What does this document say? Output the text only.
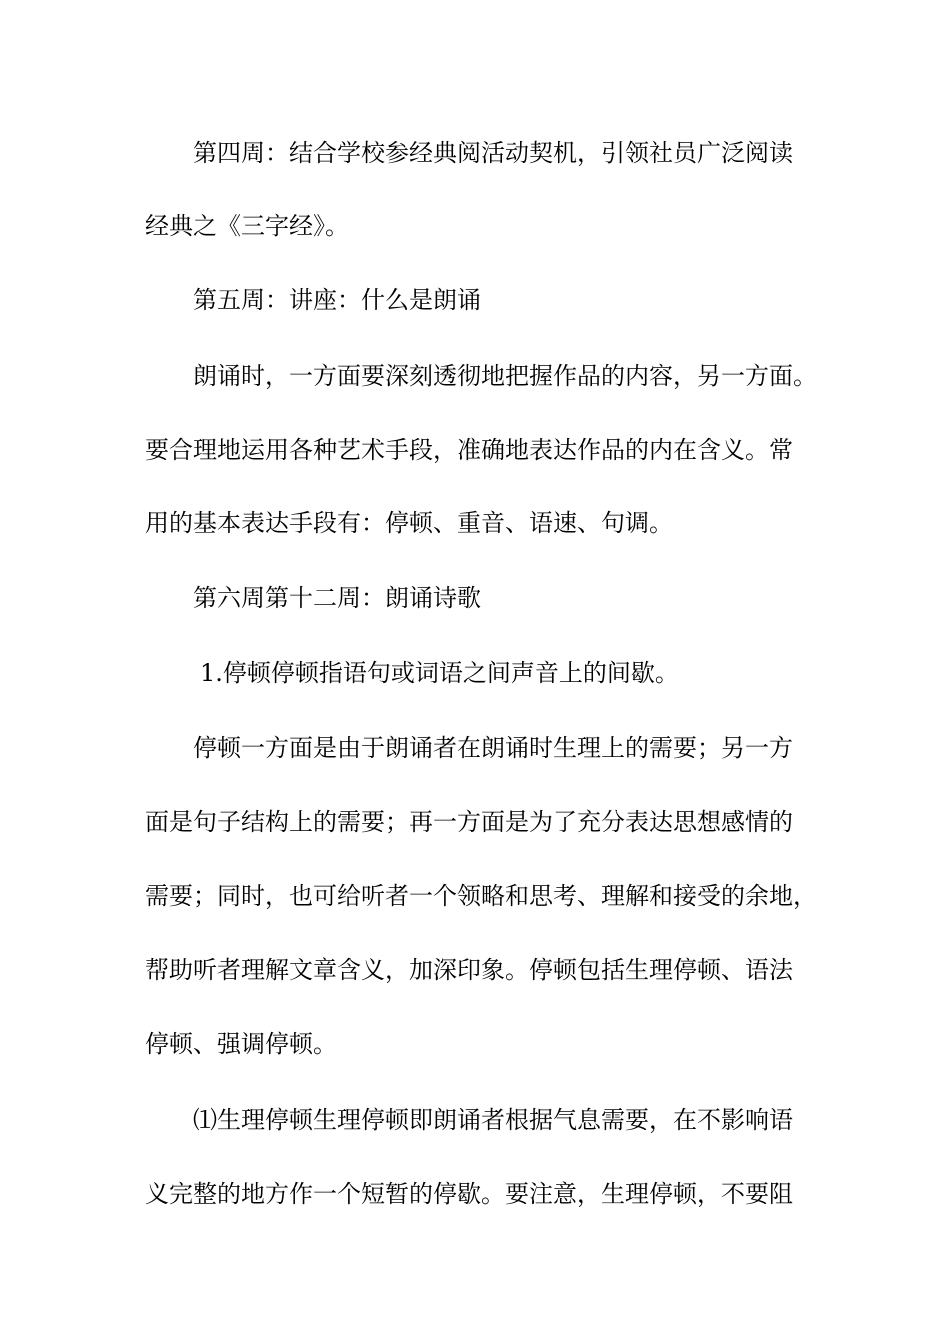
第四周：结合学校参经典阅活动契机，引领社员广泛阅读
经典之《三字经》。
第五周：讲座：什么是朗诵
朗诵时，一方面要深刻透彻地把握作品的内容，另一方面。
要合理地运用各种艺术手段，准确地表达作品的内在含义。常
用的基本表达手段有：停顿、重音、语速、句调。
第六周第十二周：朗诵诗歌
1.停顿停顿指语句或词语之间声音上的间歇。
停顿一方面是由于朗诵者在朗诵时生理上的需要；另一方
面是句子结构上的需要；再一方面是为了充分表达思想感情的
需要；同时，也可给听者一个领略和思考、理解和接受的余地，
帮助听者理解文章含义，加深印象。停顿包括生理停顿、语法
停顿、强调停顿。
⑴生理停顿生理停顿即朗诵者根据气息需要，在不影响语
义完整的地方作一个短暂的停歇。要注意，生理停顿，不要阻
